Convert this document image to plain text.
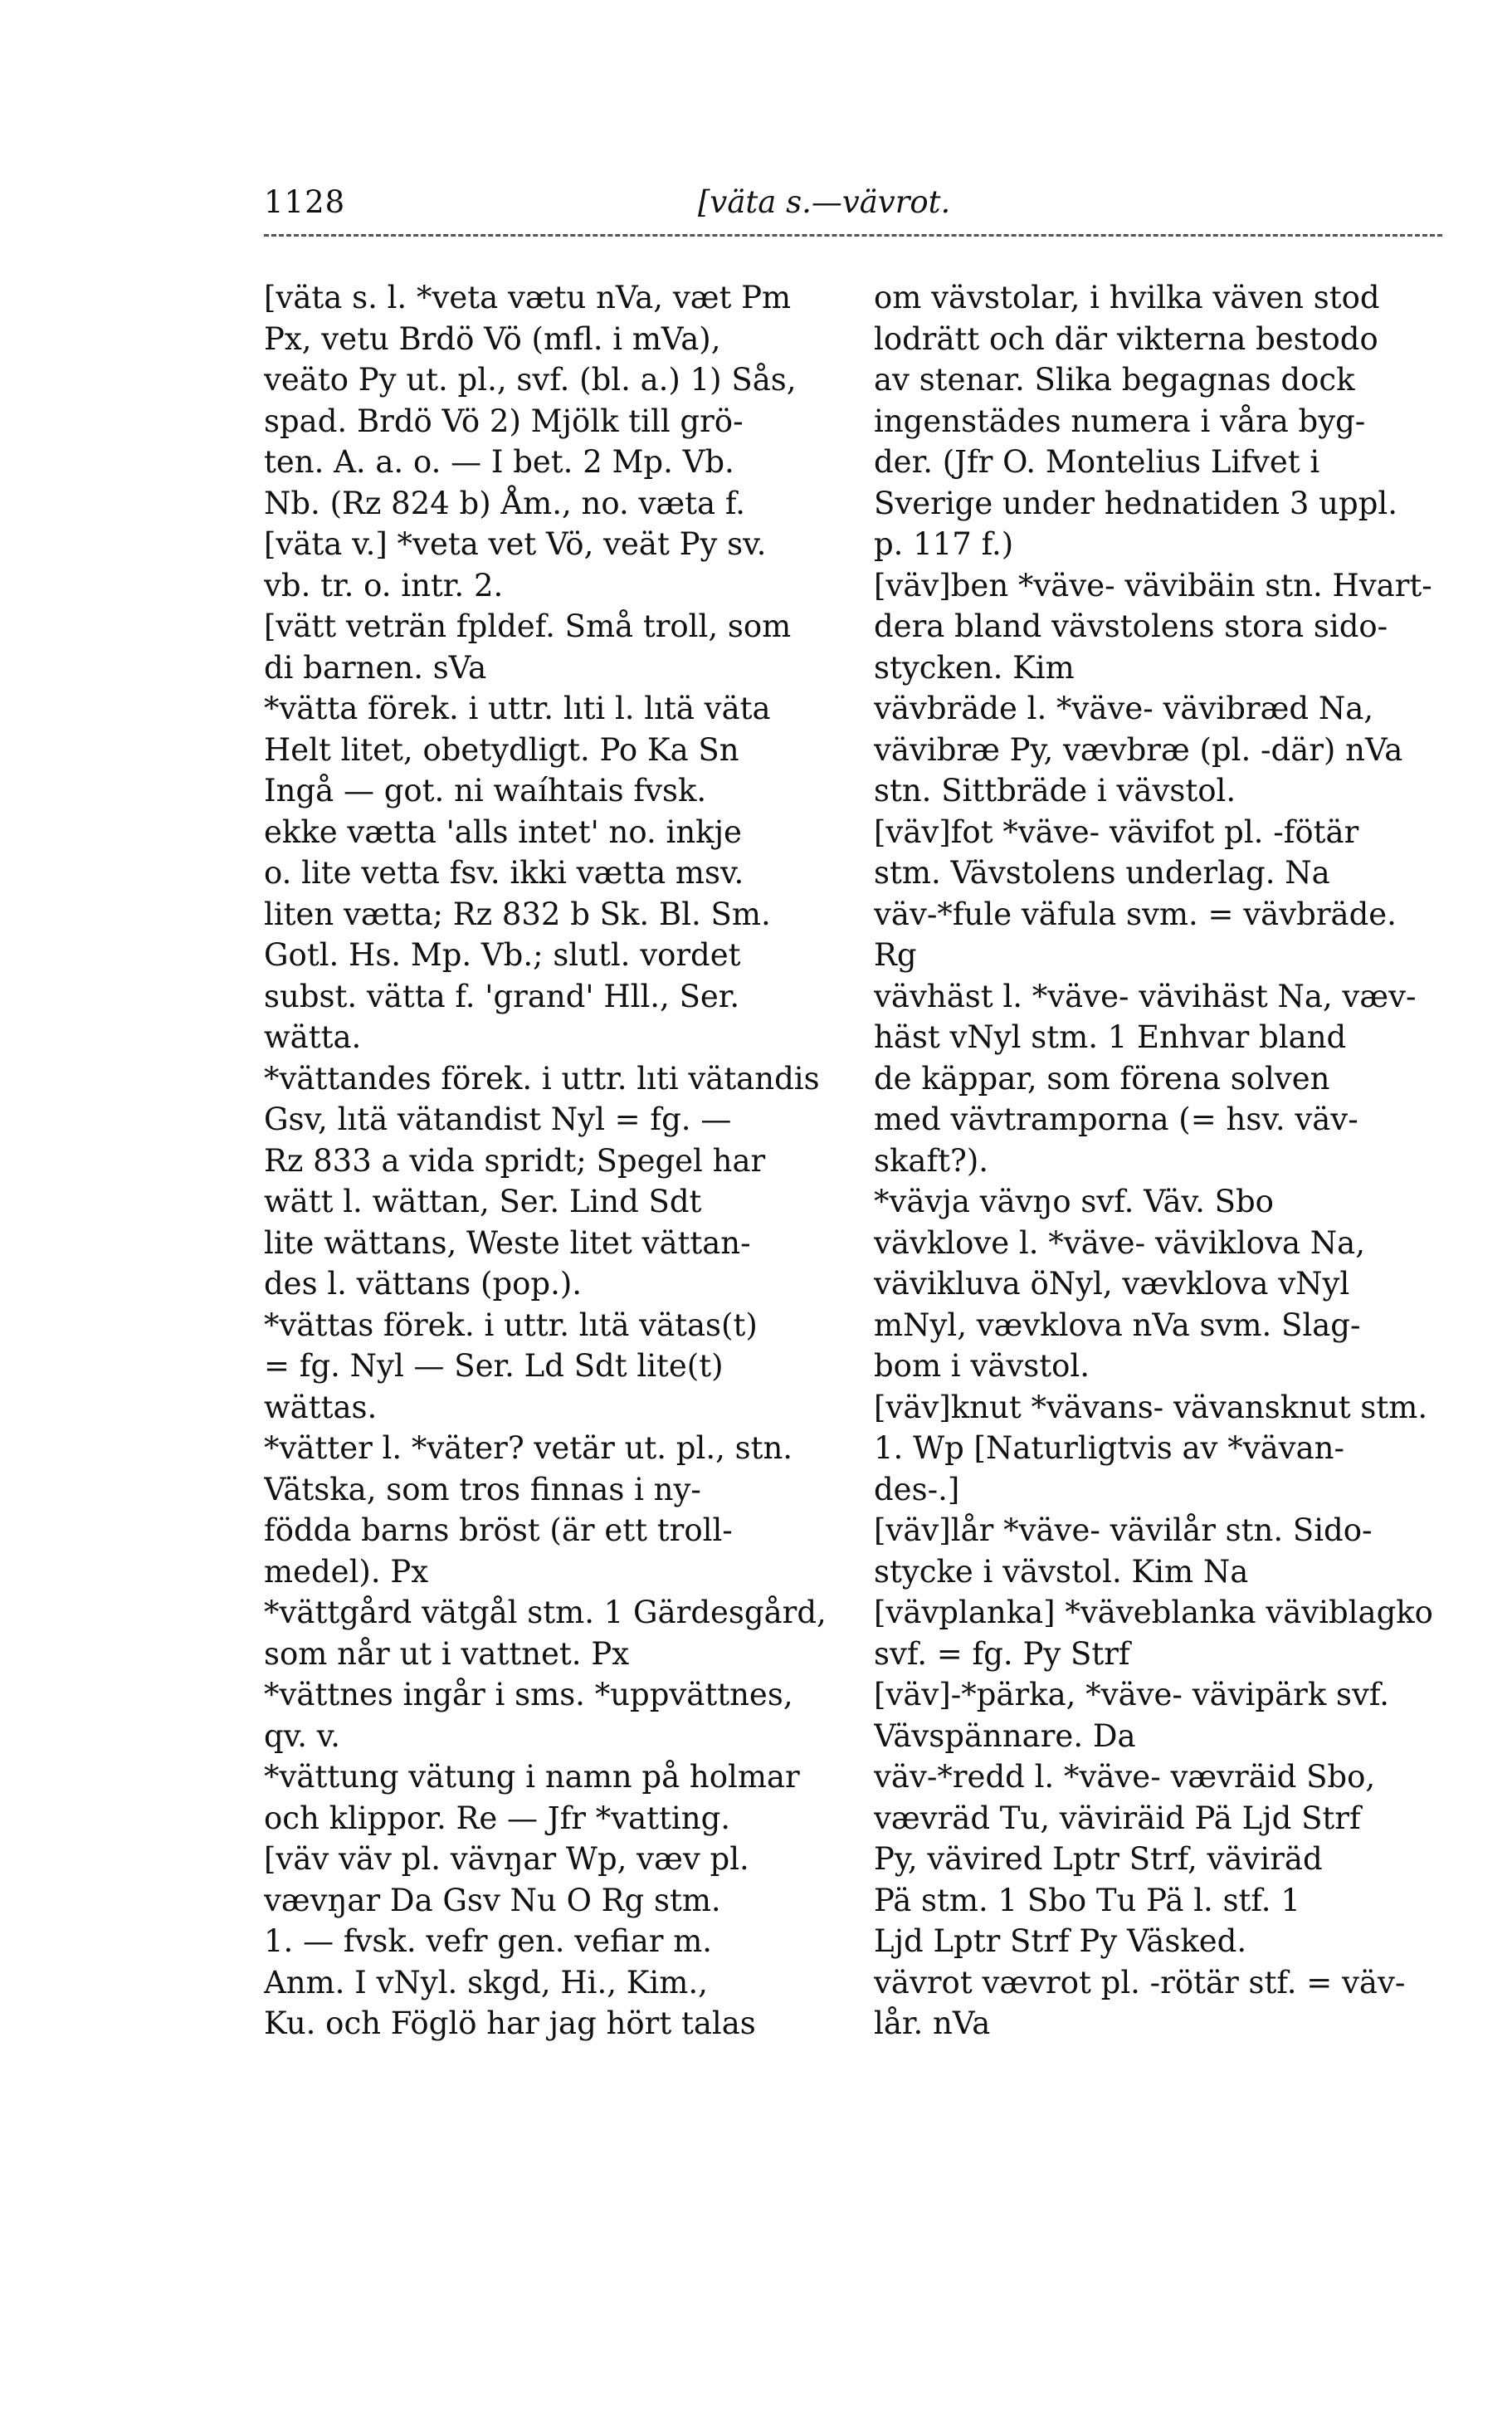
1128	[väta s.—vävrot.
[väta s. l. *veta vætu nVa, væt Pm
Px, vetu Brdö Vö (mfl. i mVa),
veäto Py ut. pl., svf. (bl. a.) 1) Sås,
spad. Brdö Vö 2) Mjölk till grö-
ten. A. a. o. — I bet. 2 Mp. Vb.
Nb. (Rz 824 b) Åm., no. væta f.
[väta v.] *veta vet Vö, veät Py sv.
vb. tr. o. intr. 2.
[vätt veträn fpldef. Små troll, som
di barnen. sVa
*vätta förek. i uttr. lıti l. lıtä väta
Helt litet, obetydligt. Po Ka Sn
Ingå — got. ni waíhtais fvsk.
ekke vætta 'alls intet' no. inkje
o. lite vetta fsv. ikki vætta msv.
liten vætta; Rz 832 b Sk. Bl. Sm.
Gotl. Hs. Mp. Vb.; slutl. vordet
subst. vätta f. 'grand' Hll., Ser.
wätta.
*vättandes förek. i uttr. lıti vätandis
Gsv, lıtä vätandist Nyl = fg. —
Rz 833 a vida spridt; Spegel har
wätt l. wättan, Ser. Lind Sdt
lite wättans, Weste litet vättan-
des l. vättans (pop.).
*vättas förek. i uttr. lıtä vätas(t)
= fg. Nyl — Ser. Ld Sdt lite(t)
wättas.
*vätter l. *väter? vetär ut. pl., stn.
Vätska, som tros finnas i ny-
födda barns bröst (är ett troll-
medel). Px
*vättgård vätgål stm. 1 Gärdesgård,
som når ut i vattnet. Px
*vättnes ingår i sms. *uppvättnes,
qv. v.
*vättung vätung i namn på holmar
och klippor. Re — Jfr *vatting.
[väv väv pl. vävŋar Wp, væv pl.
vævŋar Da Gsv Nu O Rg stm.
1. — fvsk. vefr gen. vefiar m.
Anm. I vNyl. skgd, Hi., Kim.,
Ku. och Föglö har jag hört talas
om vävstolar, i hvilka väven stod
lodrätt och där vikterna bestodo
av stenar. Slika begagnas dock
ingenstädes numera i våra byg-
der. (Jfr O. Montelius Lifvet i
Sverige under hednatiden 3 uppl.
p. 117 f.)
[väv]ben *väve- vävibäin stn. Hvart-
dera bland vävstolens stora sido-
stycken. Kim
vävbräde l. *väve- vävibræd Na,
vävibræ Py, vævbræ (pl. -där) nVa
stn. Sittbräde i vävstol.
[väv]fot *väve- vävifot pl. -fötär
stm. Vävstolens underlag. Na
väv-*fule väfula svm. = vävbräde.
Rg
vävhäst l. *väve- vävihäst Na, væv-
häst vNyl stm. 1 Enhvar bland
de käppar, som förena solven
med vävtramporna (= hsv. väv-
skaft?).
*vävja vävŋo svf. Väv. Sbo
vävklove l. *väve- väviklova Na,
vävikluva öNyl, vævklova vNyl
mNyl, vævklova nVa svm. Slag-
bom i vävstol.
[väv]knut *vävans- vävansknut stm.
1. Wp [Naturligtvis av *vävan-
des-.]
[väv]lår *väve- vävilår stn. Sido-
stycke i vävstol. Kim Na
[vävplanka] *väveblanka väviblagko
svf. = fg. Py Strf
[väv]-*pärka, *väve- vävipärk svf.
Vävspännare. Da
väv-*redd l. *väve- vævräid Sbo,
vævräd Tu, väviräid Pä Ljd Strf
Py, vävired Lptr Strf, väviräd
Pä stm. 1 Sbo Tu Pä l. stf. 1
Ljd Lptr Strf Py Väsked.
vävrot vævrot pl. -rötär stf. = väv-
lår. nVa
